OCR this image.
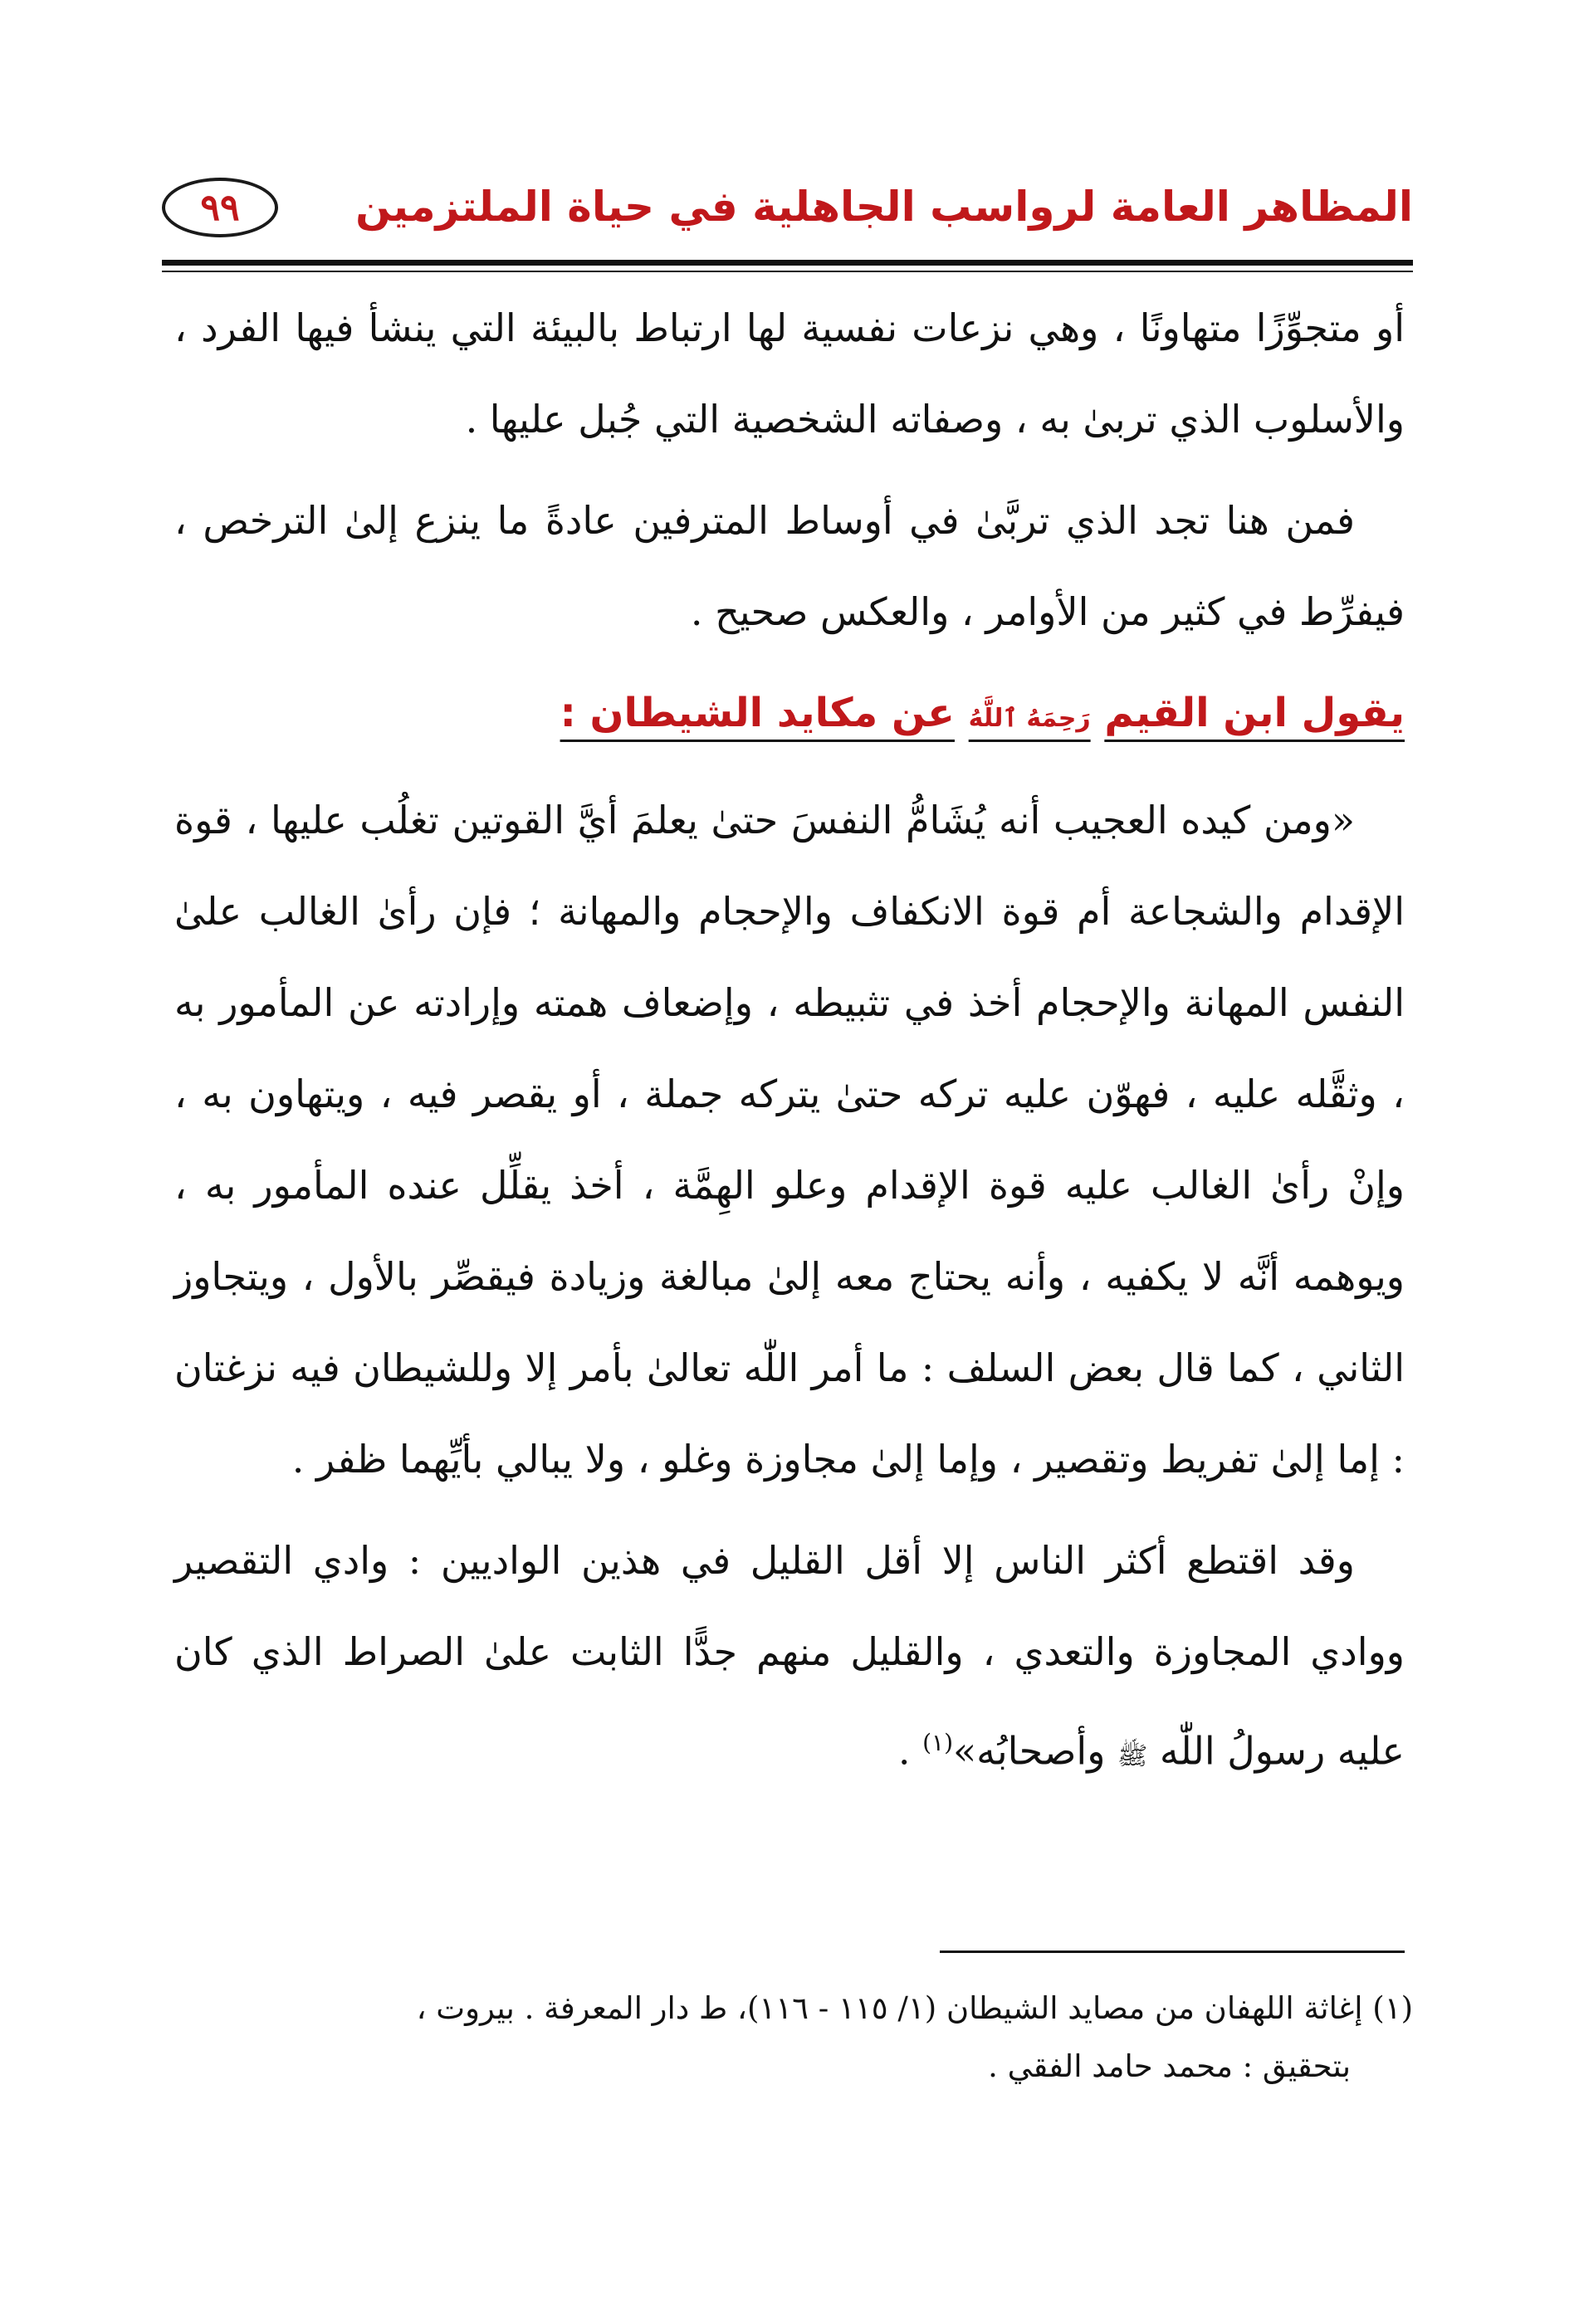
المظاهر العامة لرواسب الجاهلية في حياة الملتزمين
٩٩

أو متجوِّزًا متهاونًا ، وهي نزعات نفسية لها ارتباط بالبيئة التي ينشأ فيها الفرد ، والأسلوب الذي تربىٰ به ، وصفاته الشخصية التي جُبل عليها .

فمن هنا تجد الذي تربَّىٰ في أوساط المترفين عادةً ما ينزع إلىٰ الترخص ، فيفرِّط في كثير من الأوامر ، والعكس صحيح .

يقول ابن القيم رَحِمَهُ ٱللَّهُ عن مكايد الشيطان :

«ومن كيده العجيب أنه يُشَامُّ النفسَ حتىٰ يعلمَ أيَّ القوتين تغلُب عليها ، قوة الإقدام والشجاعة أم قوة الانكفاف والإحجام والمهانة ؛ فإن رأىٰ الغالب علىٰ النفس المهانة والإحجام أخذ في تثبيطه ، وإضعاف همته وإرادته عن المأمور به ، وثقَّله عليه ، فهوّن عليه تركه حتىٰ يتركه جملة ، أو يقصر فيه ، ويتهاون به ، وإنْ رأىٰ الغالب عليه قوة الإقدام وعلو الهِمَّة ، أخذ يقلِّل عنده المأمور به ، ويوهمه أنَّه لا يكفيه ، وأنه يحتاج معه إلىٰ مبالغة وزيادة فيقصِّر بالأول ، ويتجاوز الثاني ، كما قال بعض السلف : ما أمر اللّٰه تعالىٰ بأمر إلا وللشيطان فيه نزغتان : إما إلىٰ تفريط وتقصير ، وإما إلىٰ مجاوزة وغلو ، ولا يبالي بأيِّهما ظفر .

وقد اقتطع أكثر الناس إلا أقل القليل في هذين الواديين : وادي التقصير ووادي المجاوزة والتعدي ، والقليل منهم جدًّا الثابت علىٰ الصراط الذي كان عليه رسولُ اللّٰه ﷺ وأصحابُه»$^{(١)}$ .

(١) إغاثة اللهفان من مصايد الشيطان (١/ ١١٥ - ١١٦)، ط دار المعرفة . بيروت ،

بتحقيق : محمد حامد الفقي .
